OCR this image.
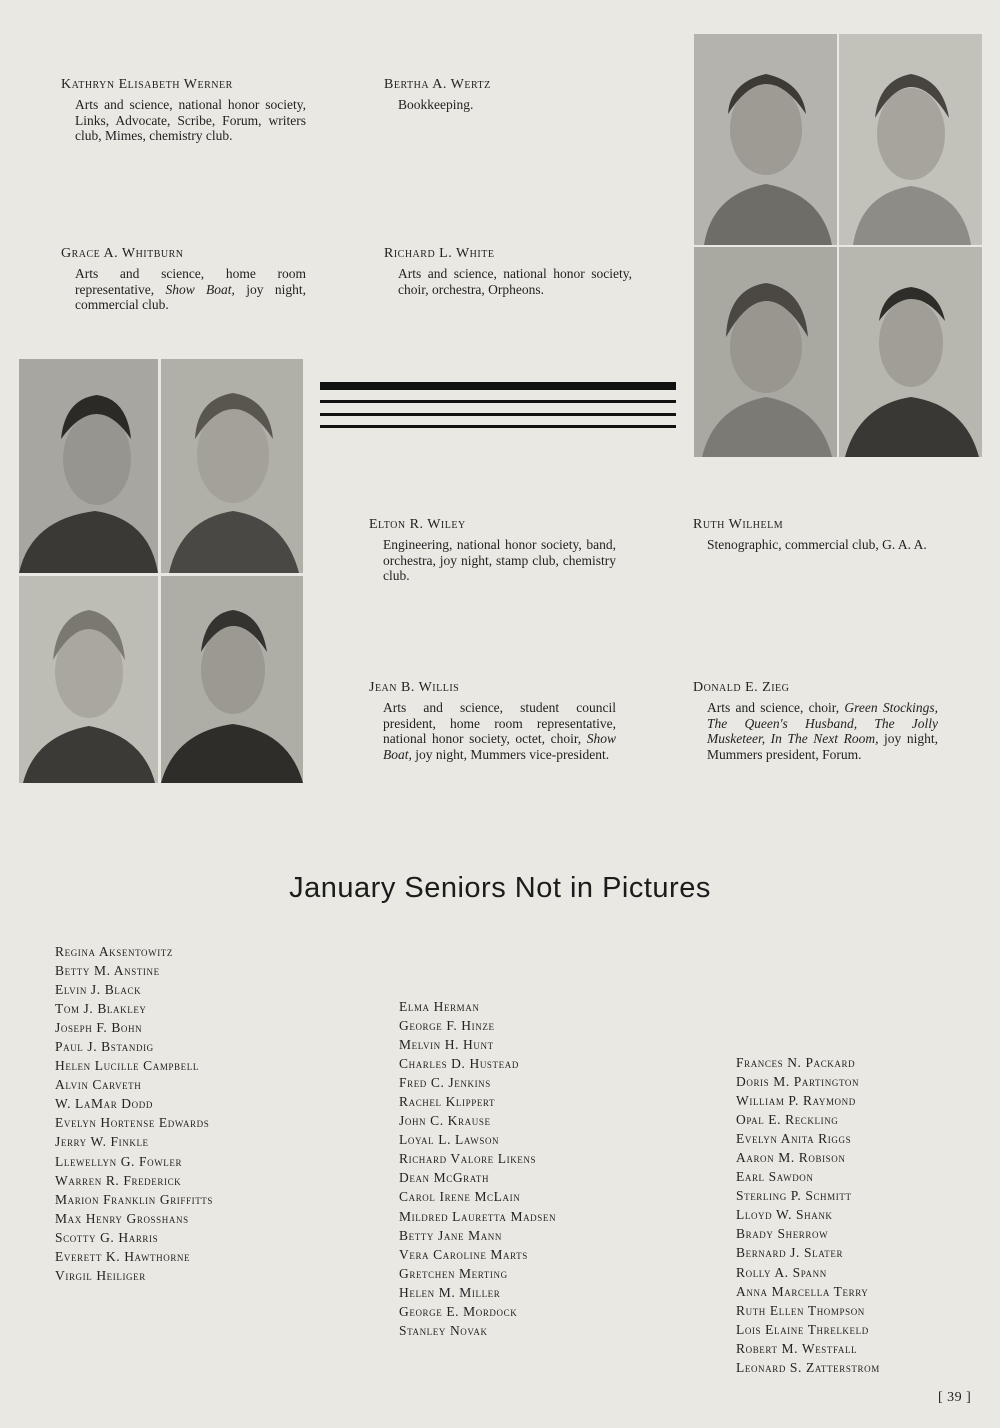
Kathryn Elisabeth Werner

Arts and science, national honor society, Links, Advocate, Scribe, Forum, writers club, Mimes, chemistry club.

Bertha A. Wertz

Bookkeeping.

Grace A. Whitburn

Arts and science, home room representative, Show Boat, joy night, commercial club.

Richard L. White

Arts and science, national honor society, choir, orchestra, Orpheons.

Elton R. Wiley

Engineering, national honor society, band, orchestra, joy night, stamp club, chemistry club.

Ruth Wilhelm

Stenographic, commercial club, G. A. A.

Jean B. Willis

Arts and science, student council president, home room representative, national honor society, octet, choir, Show Boat, joy night, Mummers vice-president.

Donald E. Zieg

Arts and science, choir, Green Stockings, The Queen's Husband, The Jolly Musketeer, In The Next Room, joy night, Mummers president, Forum.
January Seniors Not in Pictures
Regina Aksentowitz
Betty M. Anstine
Elvin J. Black
Tom J. Blakley
Joseph F. Bohn
Paul J. Bstandig
Helen Lucille Campbell
Alvin Carveth
W. LaMar Dodd
Evelyn Hortense Edwards
Jerry W. Finkle
Llewellyn G. Fowler
Warren R. Frederick
Marion Franklin Griffitts
Max Henry Grosshans
Scotty G. Harris
Everett K. Hawthorne
Virgil Heiliger
Elma Herman
George F. Hinze
Melvin H. Hunt
Charles D. Hustead
Fred C. Jenkins
Rachel Klippert
John C. Krause
Loyal L. Lawson
Richard Valore Likens
Dean McGrath
Carol Irene McLain
Mildred Lauretta Madsen
Betty Jane Mann
Vera Caroline Marts
Gretchen Merting
Helen M. Miller
George E. Mordock
Stanley Novak
Frances N. Packard
Doris M. Partington
William P. Raymond
Opal E. Reckling
Evelyn Anita Riggs
Aaron M. Robison
Earl Sawdon
Sterling P. Schmitt
Lloyd W. Shank
Brady Sherrow
Bernard J. Slater
Rolly A. Spann
Anna Marcella Terry
Ruth Ellen Thompson
Lois Elaine Threlkeld
Robert M. Westfall
Leonard S. Zatterstrom
[ 39 ]
